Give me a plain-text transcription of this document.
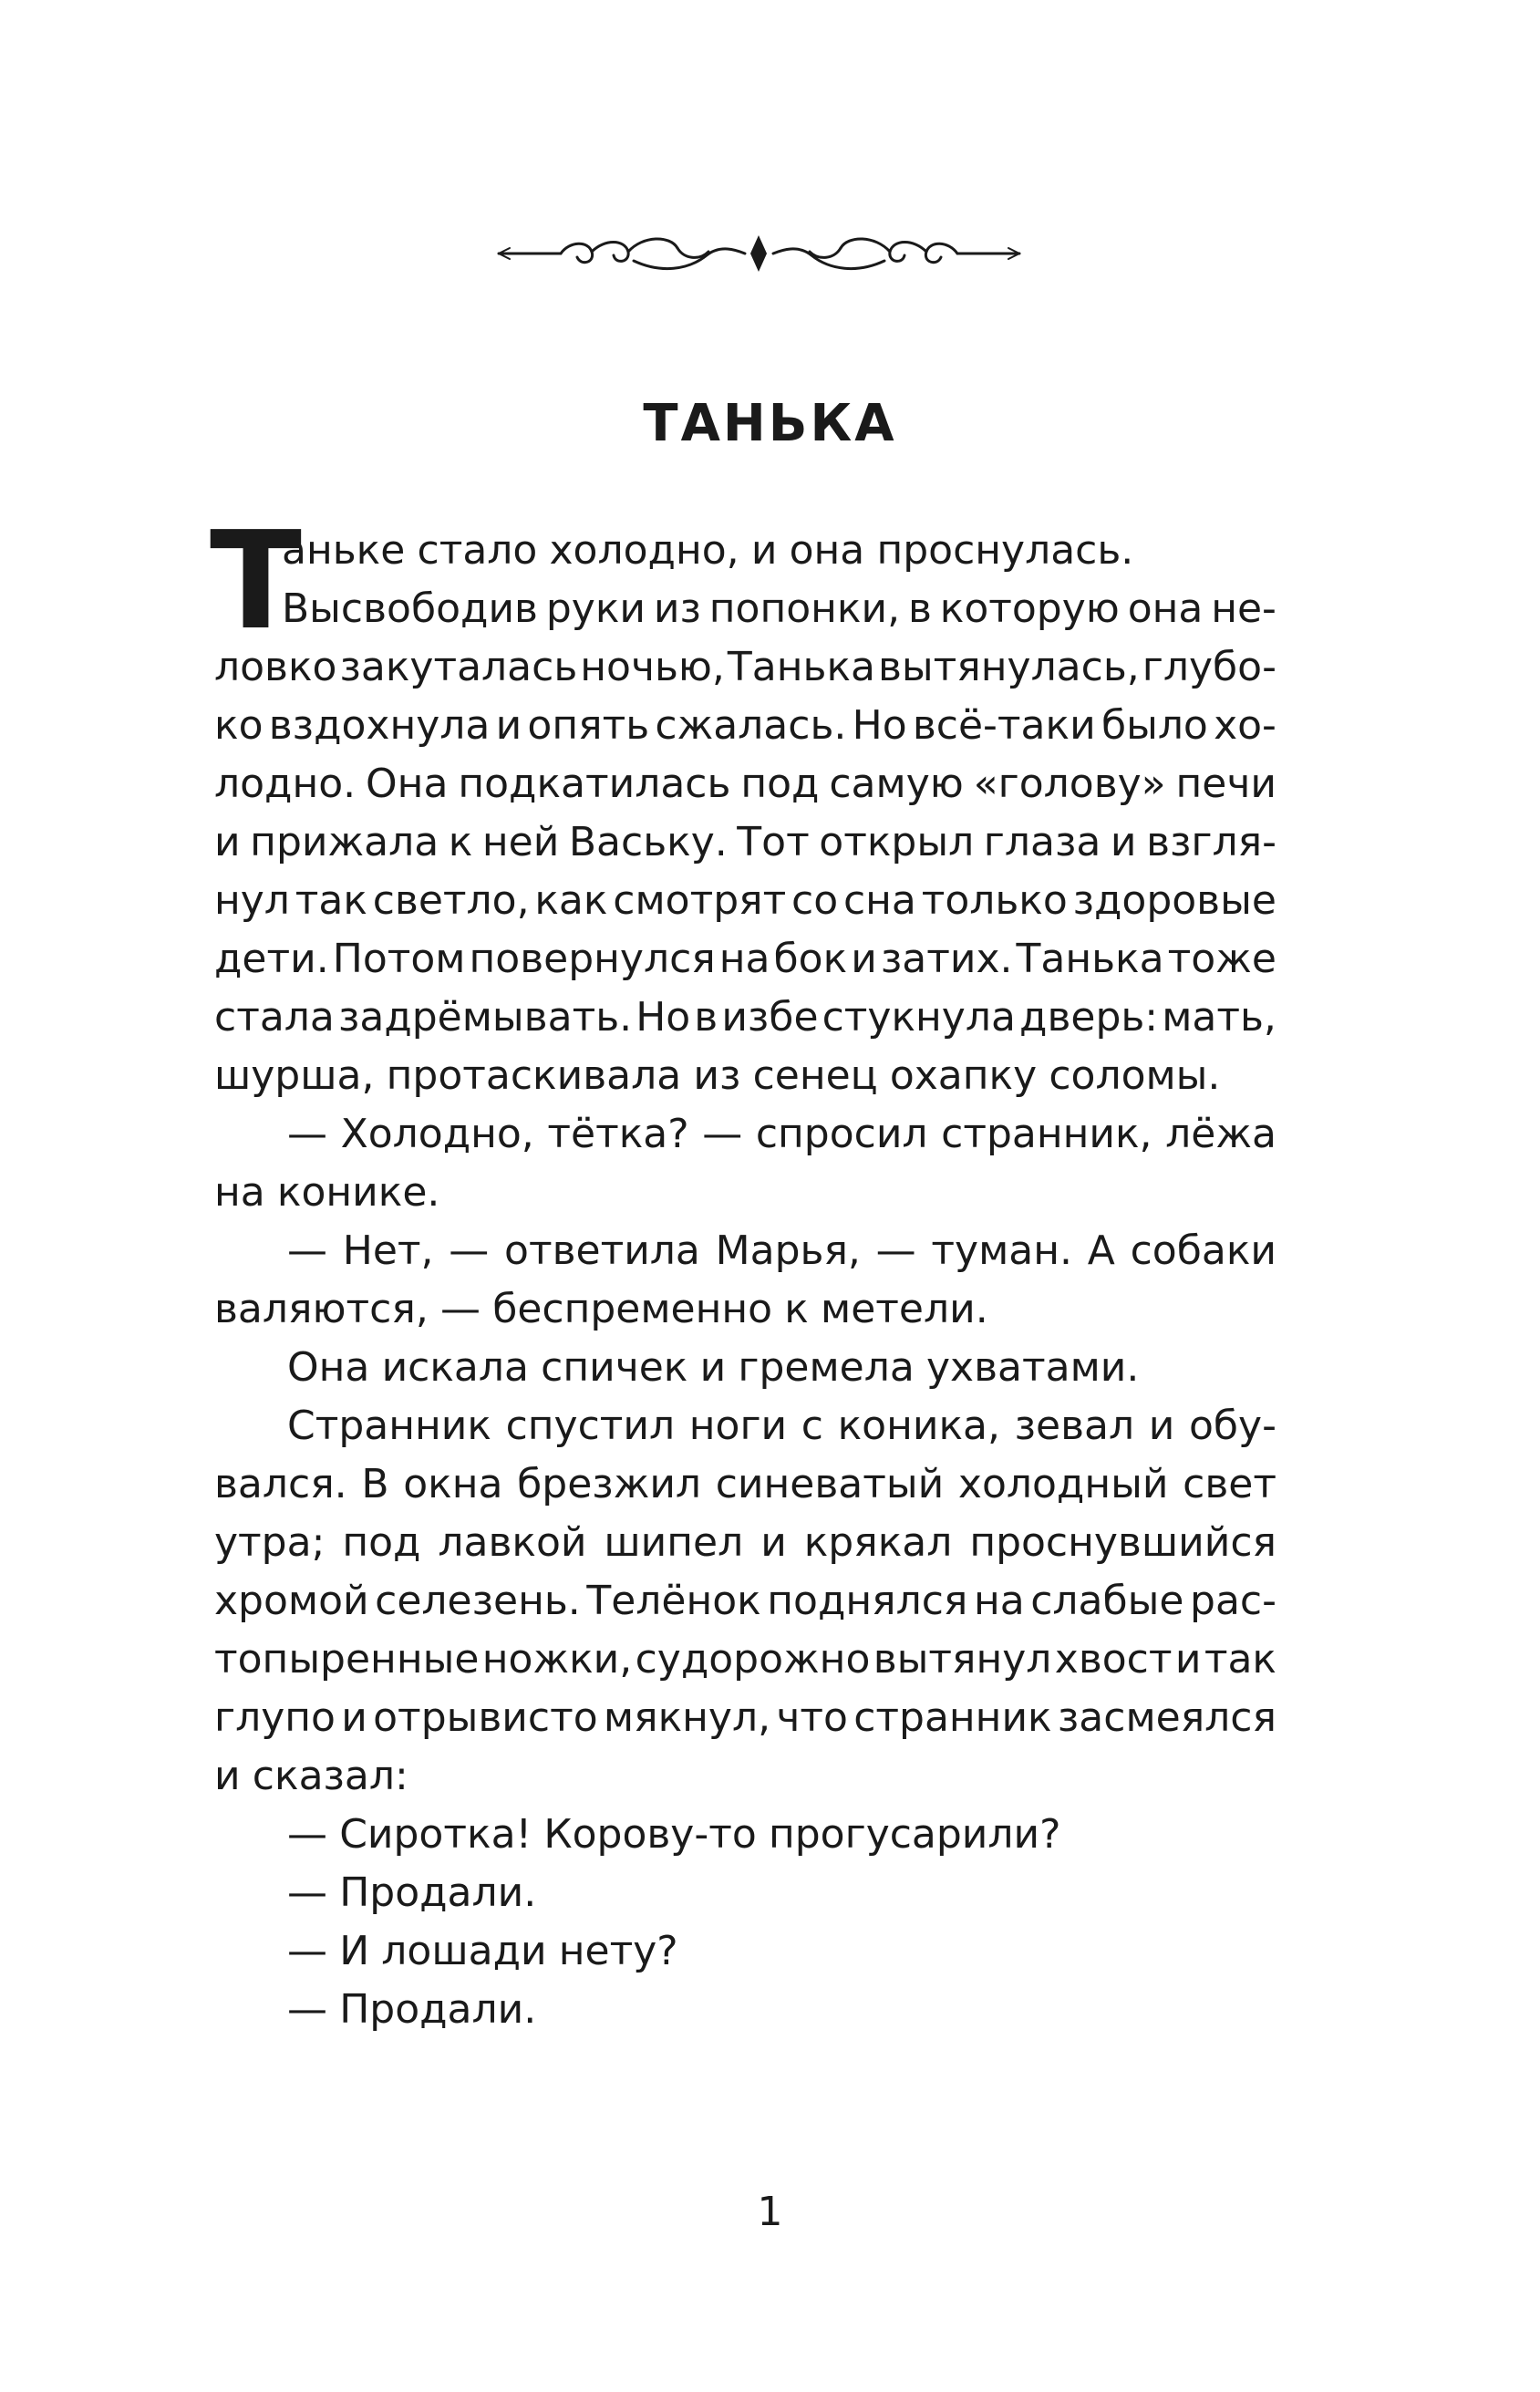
ТАНЬКА
Т
аньке стало холодно, и она проснулась.
Высвободив руки из попонки, в которую она не-
ловко закуталась ночью, Танька вытянулась, глубо-
ко вздохнула и опять сжалась. Но всё-таки было хо-
лодно. Она подкатилась под самую «голову» печи
и прижала к ней Ваську. Тот открыл глаза и взгля-
нул так светло, как смотрят со сна только здоровые
дети. Потом повернулся на бок и затих. Танька тоже
стала задрёмывать. Но в избе стукнула дверь: мать,
шурша, протаскивала из сенец охапку соломы.
— Холодно, тётка? — спросил странник, лёжа
на конике.
— Нет, — ответила Марья, — туман. А собаки
валяются, — беспременно к метели.
Она искала спичек и гремела ухватами.
Странник спустил ноги с коника, зевал и обу-
вался. В окна брезжил синеватый холодный свет
утра; под лавкой шипел и крякал проснувшийся
хромой селезень. Телёнок поднялся на слабые рас-
топыренные ножки, судорожно вытянул хвост и так
глупо и отрывисто мякнул, что странник засмеялся
и сказал:
— Сиротка! Корову-то прогусарили?
— Продали.
— И лошади нету?
— Продали.
1
